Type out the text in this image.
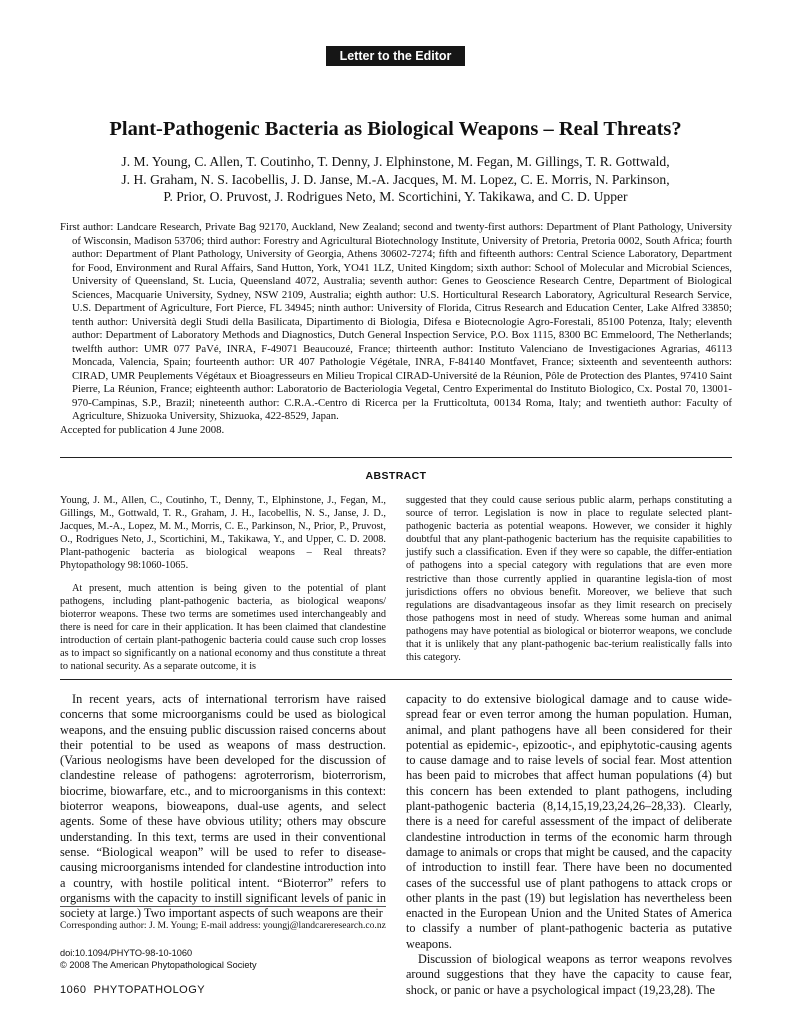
Letter to the Editor
Plant-Pathogenic Bacteria as Biological Weapons – Real Threats?
J. M. Young, C. Allen, T. Coutinho, T. Denny, J. Elphinstone, M. Fegan, M. Gillings, T. R. Gottwald,
J. H. Graham, N. S. Iacobellis, J. D. Janse, M.-A. Jacques, M. M. Lopez, C. E. Morris, N. Parkinson,
P. Prior, O. Pruvost, J. Rodrigues Neto, M. Scortichini, Y. Takikawa, and C. D. Upper
First author: Landcare Research, Private Bag 92170, Auckland, New Zealand; second and twenty-first authors: Department of Plant Pathology, University of Wisconsin, Madison 53706; third author: Forestry and Agricultural Biotechnology Institute, University of Pretoria, Pretoria 0002, South Africa; fourth author: Department of Plant Pathology, University of Georgia, Athens 30602-7274; fifth and fifteenth authors: Central Science Laboratory, Department for Food, Environment and Rural Affairs, Sand Hutton, York, YO41 1LZ, United Kingdom; sixth author: School of Molecular and Microbial Sciences, University of Queensland, St. Lucia, Queensland 4072, Australia; seventh author: Genes to Geoscience Research Centre, Department of Biological Sciences, Macquarie University, Sydney, NSW 2109, Australia; eighth author: U.S. Horticultural Research Laboratory, Agricultural Research Service, U.S. Department of Agriculture, Fort Pierce, FL 34945; ninth author: University of Florida, Citrus Research and Education Center, Lake Alfred 33850; tenth author: Università degli Studi della Basilicata, Dipartimento di Biologia, Difesa e Biotecnologie Agro-Forestali, 85100 Potenza, Italy; eleventh author: Department of Laboratory Methods and Diagnostics, Dutch General Inspection Service, P.O. Box 1115, 8300 BC Emmeloord, The Netherlands; twelfth author: UMR 077 PaVé, INRA, F-49071 Beaucouzé, France; thirteenth author: Instituto Valenciano de Investigaciones Agrarias, 46113 Moncada, Valencia, Spain; fourteenth author: UR 407 Pathologie Végétale, INRA, F-84140 Montfavet, France; sixteenth and seventeenth authors: CIRAD, UMR Peuplements Végétaux et Bioagresseurs en Milieu Tropical CIRAD-Université de la Réunion, Pôle de Protection des Plantes, 97410 Saint Pierre, La Réunion, France; eighteenth author: Laboratorio de Bacteriologia Vegetal, Centro Experimental do Instituto Biologico, Cx. Postal 70, 13001-970-Campinas, S.P., Brazil; nineteenth author: C.R.A.-Centro di Ricerca per la Frutticoltuta, 00134 Roma, Italy; and twentieth author: Faculty of Agriculture, Shizuoka University, Shizuoka, 422-8529, Japan.
Accepted for publication 4 June 2008.
ABSTRACT
Young, J. M., Allen, C., Coutinho, T., Denny, T., Elphinstone, J., Fegan, M., Gillings, M., Gottwald, T. R., Graham, J. H., Iacobellis, N. S., Janse, J. D., Jacques, M.-A., Lopez, M. M., Morris, C. E., Parkinson, N., Prior, P., Pruvost, O., Rodrigues Neto, J., Scortichini, M., Takikawa, Y., and Upper, C. D. 2008. Plant-pathogenic bacteria as biological weapons – Real threats? Phytopathology 98:1060-1065.
At present, much attention is being given to the potential of plant pathogens, including plant-pathogenic bacteria, as biological weapons/ bioterror weapons. These two terms are sometimes used interchangeably and there is need for care in their application. It has been claimed that clandestine introduction of certain plant-pathogenic bacteria could cause such crop losses as to impact so significantly on a national economy and thus constitute a threat to national security. As a separate outcome, it is
suggested that they could cause serious public alarm, perhaps constituting a source of terror. Legislation is now in place to regulate selected plant-pathogenic bacteria as potential weapons. However, we consider it highly doubtful that any plant-pathogenic bacterium has the requisite capabilities to justify such a classification. Even if they were so capable, the differ-entiation of pathogens into a special category with regulations that are even more restrictive than those currently applied in quarantine legisla-tion of most jurisdictions offers no obvious benefit. Moreover, we believe that such regulations are disadvantageous insofar as they limit research on precisely those pathogens most in need of study. Whereas some human and animal pathogens may have potential as biological or bioterror weapons, we conclude that it is unlikely that any plant-pathogenic bac-terium realistically falls into this category.
In recent years, acts of international terrorism have raised concerns that some microorganisms could be used as biological weapons, and the ensuing public discussion raised concerns about their potential to be used as weapons of mass destruction. (Various neologisms have been developed for the discussion of clandestine release of pathogens: agroterrorism, bioterrorism, biocrime, biowarfare, etc., and to microorganisms in this context: bioterror weapons, bioweapons, dual-use agents, and select agents. Some of these have obvious utility; others may obscure understanding. In this text, terms are used in their conventional sense. “Biological weapon” will be used to refer to disease-causing microorganisms intended for clandestine introduction into a country, with hostile political intent. “Bioterror” refers to organisms with the capacity to instill significant levels of panic in society at large.) Two important aspects of such weapons are their
capacity to do extensive biological damage and to cause wide-spread fear or even terror among the human population. Human, animal, and plant pathogens have all been considered for their potential as epidemic-, epizootic-, and epiphytotic-causing agents to cause damage and to raise levels of social fear. Most attention has been paid to microbes that affect human populations (4) but this concern has been extended to plant pathogens, including plant-pathogenic bacteria (8,14,15,19,23,24,26–28,33). Clearly, there is a need for careful assessment of the impact of deliberate clandestine introduction in terms of the economic harm through damage to animals or crops that might be caused, and the capacity of introduction to instill fear. There have been no documented cases of the successful use of plant pathogens to attack crops or other plants in the past (19) but legislation has nevertheless been enacted in the European Union and the United States of America to classify a number of plant-pathogenic bacteria as putative weapons.
Discussion of biological weapons as terror weapons revolves around suggestions that they have the capacity to cause fear, shock, or panic or have a psychological impact (19,23,28). The
Corresponding author: J. M. Young; E-mail address: youngj@landcareresearch.co.nz
doi:10.1094/PHYTO-98-10-1060
© 2008 The American Phytopathological Society
1060 PHYTOPATHOLOGY
